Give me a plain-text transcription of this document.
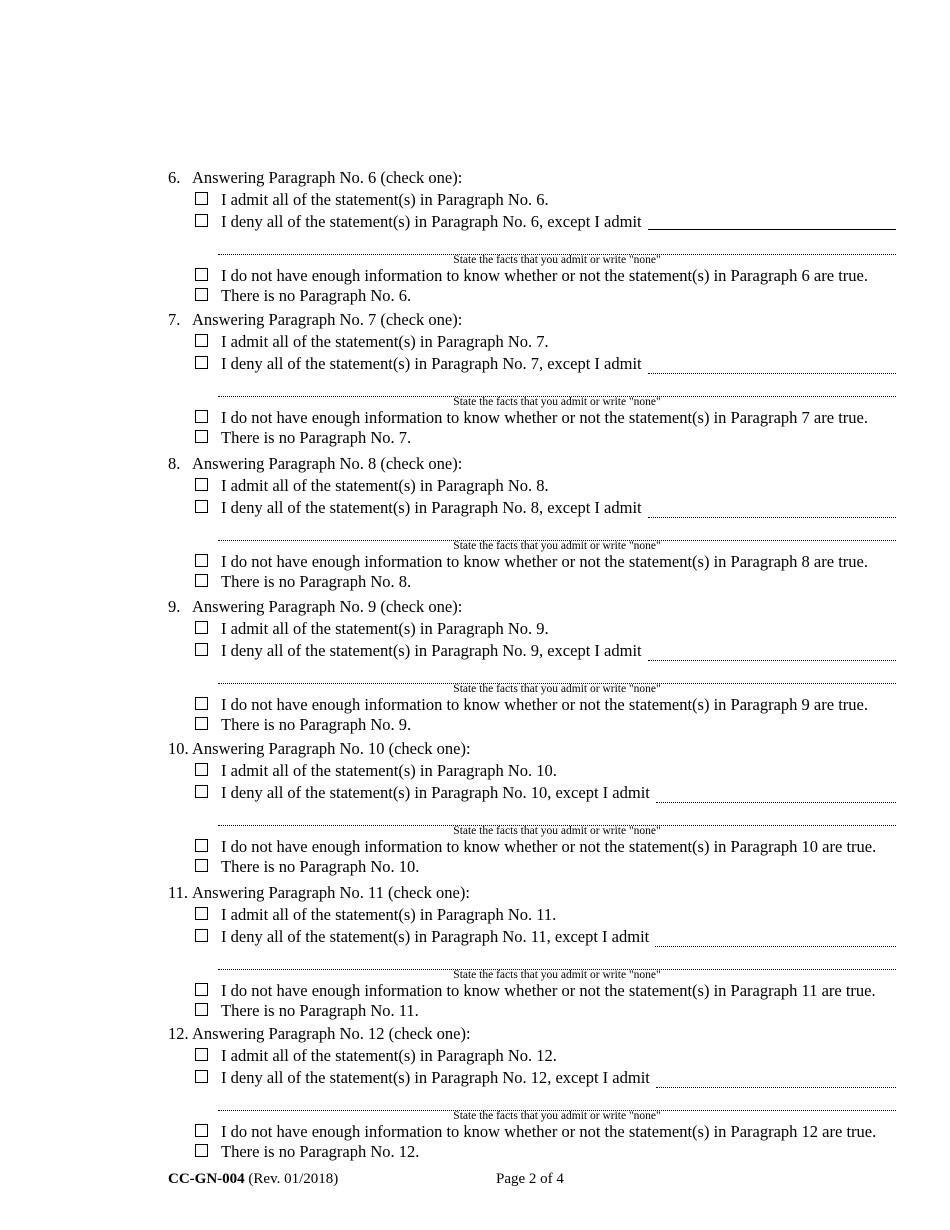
6. Answering Paragraph No. 6 (check one):
I admit all of the statement(s) in Paragraph No. 6.
I deny all of the statement(s) in Paragraph No. 6, except I admit
I do not have enough information to know whether or not the statement(s) in Paragraph 6 are true.
There is no Paragraph No. 6.
State the facts that you admit or write "none"
7. Answering Paragraph No. 7 (check one):
I admit all of the statement(s) in Paragraph No. 7.
I deny all of the statement(s) in Paragraph No. 7, except I admit
I do not have enough information to know whether or not the statement(s) in Paragraph 7 are true.
There is no Paragraph No. 7.
State the facts that you admit or write "none"
8. Answering Paragraph No. 8 (check one):
I admit all of the statement(s) in Paragraph No. 8.
I deny all of the statement(s) in Paragraph No. 8, except I admit
I do not have enough information to know whether or not the statement(s) in Paragraph 8 are true.
There is no Paragraph No. 8.
State the facts that you admit or write "none"
9. Answering Paragraph No. 9 (check one):
I admit all of the statement(s) in Paragraph No. 9.
I deny all of the statement(s) in Paragraph No. 9, except I admit
I do not have enough information to know whether or not the statement(s) in Paragraph 9 are true.
There is no Paragraph No. 9.
State the facts that you admit or write "none"
10. Answering Paragraph No. 10 (check one):
I admit all of the statement(s) in Paragraph No. 10.
I deny all of the statement(s) in Paragraph No. 10, except I admit
I do not have enough information to know whether or not the statement(s) in Paragraph 10 are true.
There is no Paragraph No. 10.
State the facts that you admit or write "none"
11. Answering Paragraph No. 11 (check one):
I admit all of the statement(s) in Paragraph No. 11.
I deny all of the statement(s) in Paragraph No. 11, except I admit
I do not have enough information to know whether or not the statement(s) in Paragraph 11 are true.
There is no Paragraph No. 11.
State the facts that you admit or write "none"
12. Answering Paragraph No. 12 (check one):
I admit all of the statement(s) in Paragraph No. 12.
I deny all of the statement(s) in Paragraph No. 12, except I admit
I do not have enough information to know whether or not the statement(s) in Paragraph 12 are true.
There is no Paragraph No. 12.
State the facts that you admit or write "none"
CC-GN-004 (Rev. 01/2018)	Page 2 of 4
